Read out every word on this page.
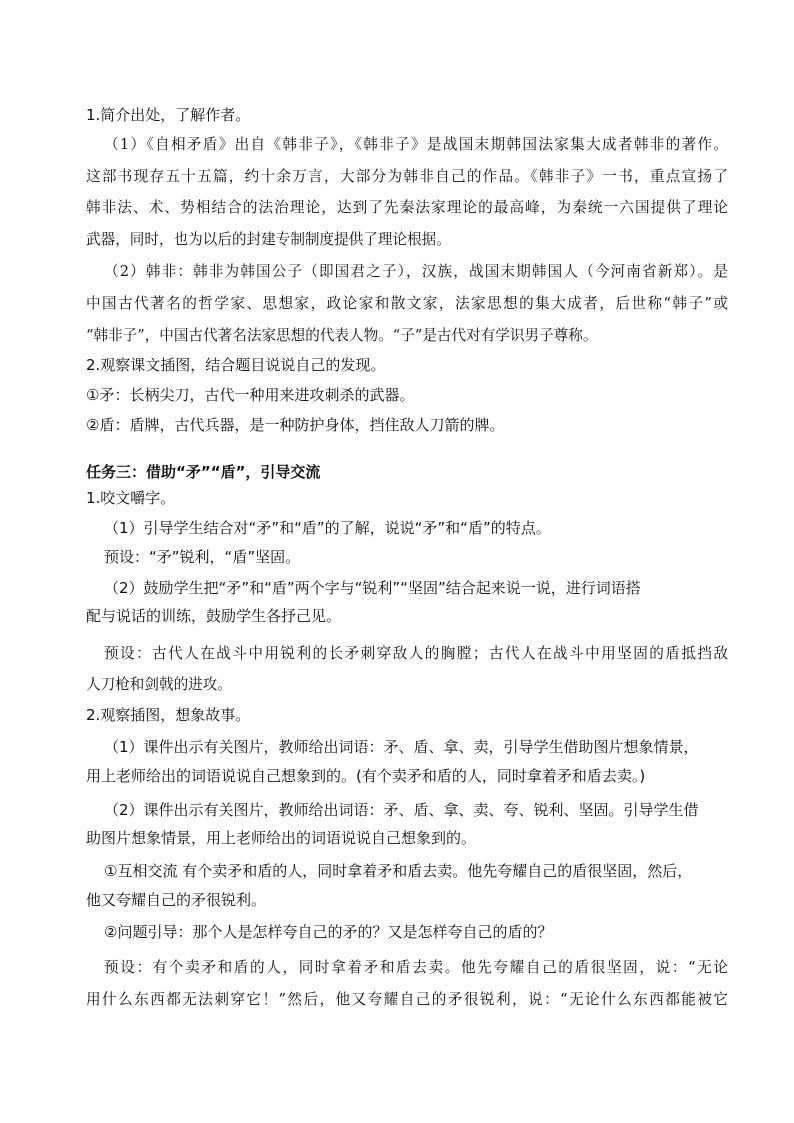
1.简介出处，了解作者。
（1）《自相矛盾》出自《韩非子》，《韩非子》是战国末期韩国法家集大成者韩非的著作。
这部书现存五十五篇，约十余万言，大部分为韩非自己的作品。《韩非子》一书，重点宣扬了
韩非法、术、势相结合的法治理论，达到了先秦法家理论的最高峰，为秦统一六国提供了理论
武器，同时，也为以后的封建专制制度提供了理论根据。
（2）韩非：韩非为韩国公子（即国君之子），汉族，战国末期韩国人（今河南省新郑）。是
中国古代著名的哲学家、思想家，政论家和散文家，法家思想的集大成者，后世称“韩子”或
“韩非子”，中国古代著名法家思想的代表人物。“子”是古代对有学识男子尊称。
2.观察课文插图，结合题目说说自己的发现。
①矛：长柄尖刀，古代一种用来进攻刺杀的武器。
②盾：盾牌，古代兵器，是一种防护身体，挡住敌人刀箭的牌。
任务三：借助“矛”“盾”，引导交流
1.咬文嚼字。
（1）引导学生结合对“矛”和“盾”的了解，说说“矛”和“盾”的特点。
预设：“矛”锐利，“盾”坚固。
（2）鼓励学生把“矛”和“盾”两个字与“锐利”“坚固”结合起来说一说，进行词语搭
配与说话的训练，鼓励学生各抒己见。
预设：古代人在战斗中用锐利的长矛刺穿敌人的胸膛；古代人在战斗中用坚固的盾抵挡敌
人刀枪和剑戟的进攻。
2.观察插图，想象故事。
（1）课件出示有关图片，教师给出词语：矛、盾、拿、卖，引导学生借助图片想象情景，
用上老师给出的词语说说自己想象到的。(有个卖矛和盾的人，同时拿着矛和盾去卖。)
（2）课件出示有关图片，教师给出词语：矛、盾、拿、卖、夸、锐利、坚固。引导学生借
助图片想象情景，用上老师给出的词语说说自己想象到的。
①互相交流 有个卖矛和盾的人，同时拿着矛和盾去卖。他先夸耀自己的盾很坚固，然后，
他又夸耀自己的矛很锐利。
②问题引导：那个人是怎样夸自己的矛的？又是怎样夸自己的盾的？
预设：有个卖矛和盾的人，同时拿着矛和盾去卖。他先夸耀自己的盾很坚固，说：“无论
用什么东西都无法刺穿它！”然后，他又夸耀自己的矛很锐利，说：“无论什么东西都能被它
